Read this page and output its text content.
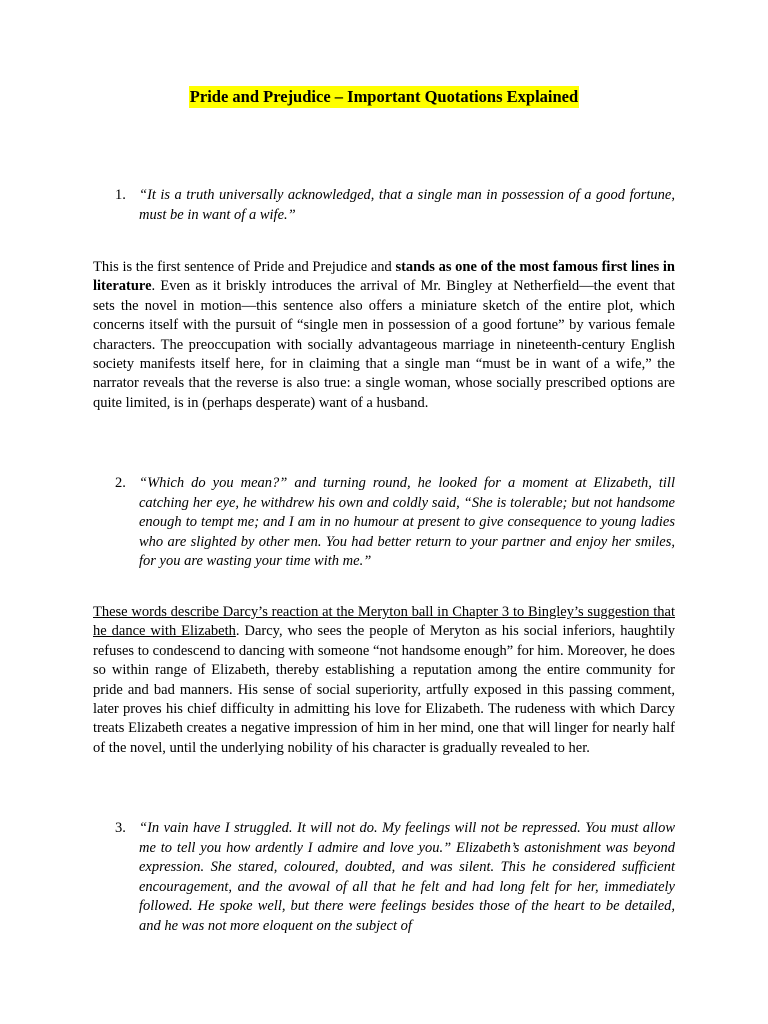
Pride and Prejudice – Important Quotations Explained
1. “It is a truth universally acknowledged, that a single man in possession of a good fortune, must be in want of a wife.”
This is the first sentence of Pride and Prejudice and stands as one of the most famous first lines in literature. Even as it briskly introduces the arrival of Mr. Bingley at Netherfield—the event that sets the novel in motion—this sentence also offers a miniature sketch of the entire plot, which concerns itself with the pursuit of “single men in possession of a good fortune” by various female characters. The preoccupation with socially advantageous marriage in nineteenth-century English society manifests itself here, for in claiming that a single man “must be in want of a wife,” the narrator reveals that the reverse is also true: a single woman, whose socially prescribed options are quite limited, is in (perhaps desperate) want of a husband.
2. “Which do you mean?” and turning round, he looked for a moment at Elizabeth, till catching her eye, he withdrew his own and coldly said, “She is tolerable; but not handsome enough to tempt me; and I am in no humour at present to give consequence to young ladies who are slighted by other men. You had better return to your partner and enjoy her smiles, for you are wasting your time with me.”
These words describe Darcy’s reaction at the Meryton ball in Chapter 3 to Bingley’s suggestion that he dance with Elizabeth. Darcy, who sees the people of Meryton as his social inferiors, haughtily refuses to condescend to dancing with someone “not handsome enough” for him. Moreover, he does so within range of Elizabeth, thereby establishing a reputation among the entire community for pride and bad manners. His sense of social superiority, artfully exposed in this passing comment, later proves his chief difficulty in admitting his love for Elizabeth. The rudeness with which Darcy treats Elizabeth creates a negative impression of him in her mind, one that will linger for nearly half of the novel, until the underlying nobility of his character is gradually revealed to her.
3. “In vain have I struggled. It will not do. My feelings will not be repressed. You must allow me to tell you how ardently I admire and love you.” Elizabeth’s astonishment was beyond expression. She stared, coloured, doubted, and was silent. This he considered sufficient encouragement, and the avowal of all that he felt and had long felt for her, immediately followed. He spoke well, but there were feelings besides those of the heart to be detailed, and he was not more eloquent on the subject of
